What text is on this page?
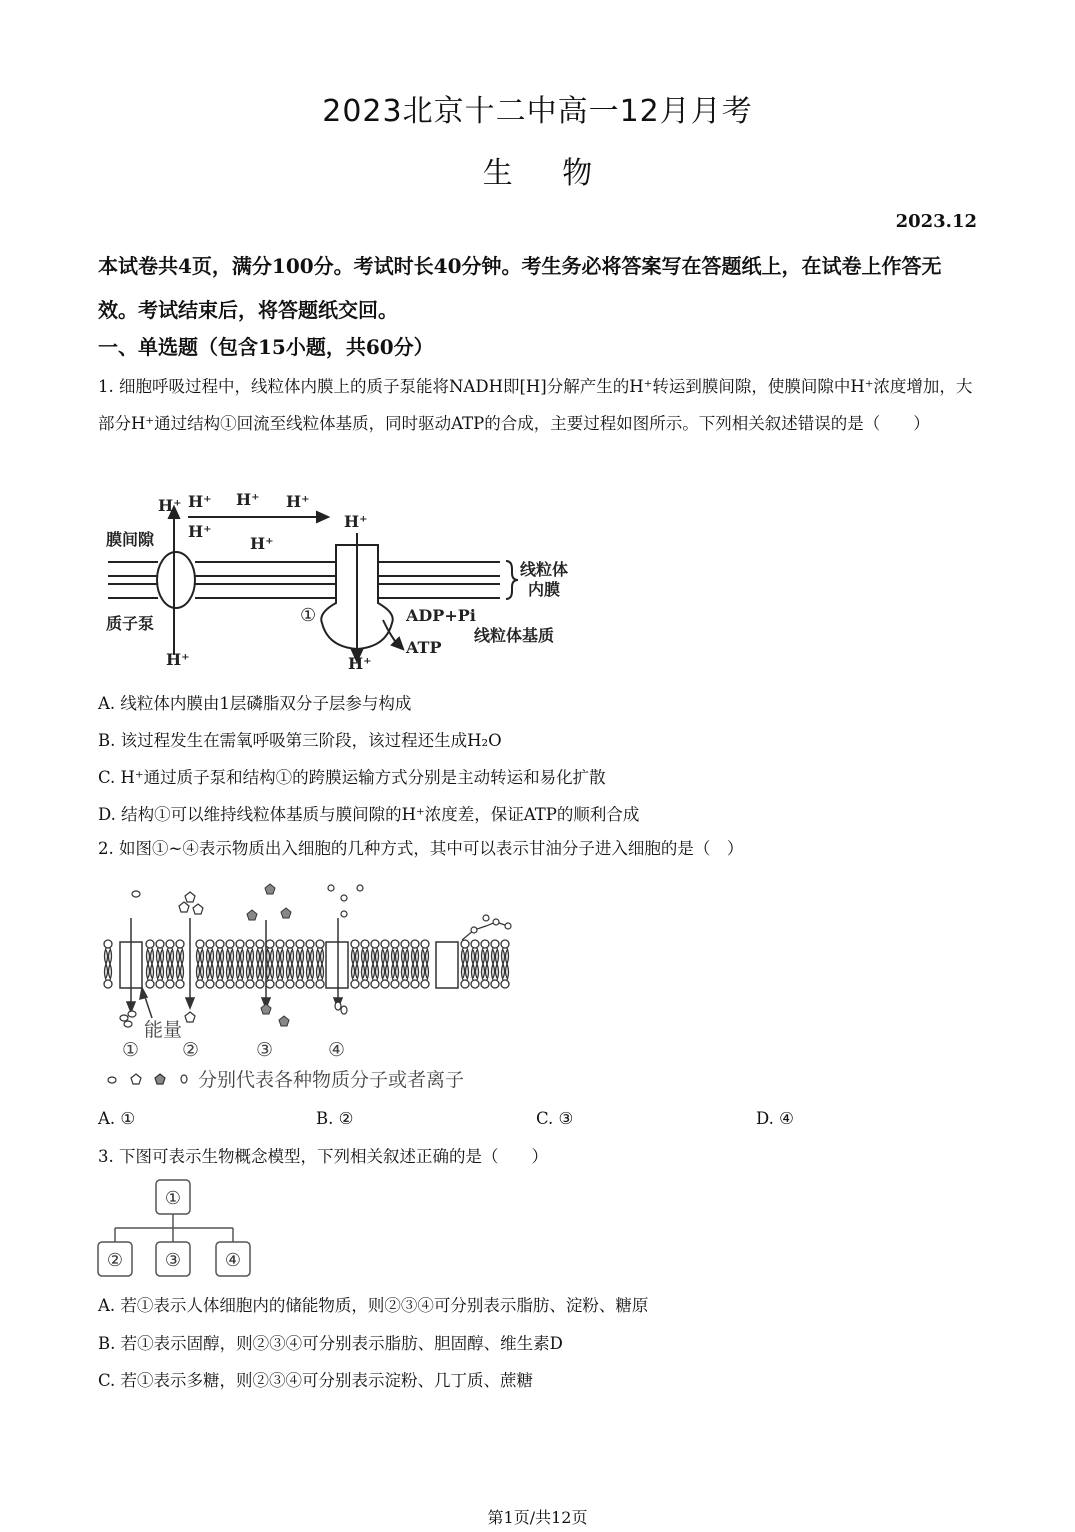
2023北京十二中高一12月月考
生 物
2023.12
本试卷共4页，满分100分。考试时长40分钟。考生务必将答案写在答题纸上，在试卷上作答无效。考试结束后，将答题纸交回。
一、单选题（包含15小题，共60分）
1. 细胞呼吸过程中，线粒体内膜上的质子泵能将NADH即[H]分解产生的H⁺转运到膜间隙，使膜间隙中H⁺浓度增加，大部分H⁺通过结构①回流至线粒体基质，同时驱动ATP的合成，主要过程如图所示。下列相关叙述错误的是（　　）
H⁺ H⁺ H⁺ H⁺
H⁺
H⁺
H⁺
H⁺	H⁺
膜间隙
质子泵
线粒体
内膜
①	ADP+Pi
ATP
线粒体基质
A. 线粒体内膜由1层磷脂双分子层参与构成
B. 该过程发生在需氧呼吸第三阶段，该过程还生成H₂O
C. H⁺通过质子泵和结构①的跨膜运输方式分别是主动转运和易化扩散
D. 结构①可以维持线粒体基质与膜间隙的H⁺浓度差，保证ATP的顺利合成
2. 如图①~④表示物质出入细胞的几种方式，其中可以表示甘油分子进入细胞的是（　）
能量
① ②	③	④
分别代表各种物质分子或者离子
A. ①	B. ②	C. ③	D. ④
3. 下图可表示生物概念模型，下列相关叙述正确的是（　　）
①
② ③ ④
A. 若①表示人体细胞内的储能物质，则②③④可分别表示脂肪、淀粉、糖原
B. 若①表示固醇，则②③④可分别表示脂肪、胆固醇、维生素D
C. 若①表示多糖，则②③④可分别表示淀粉、几丁质、蔗糖
第1页/共12页
